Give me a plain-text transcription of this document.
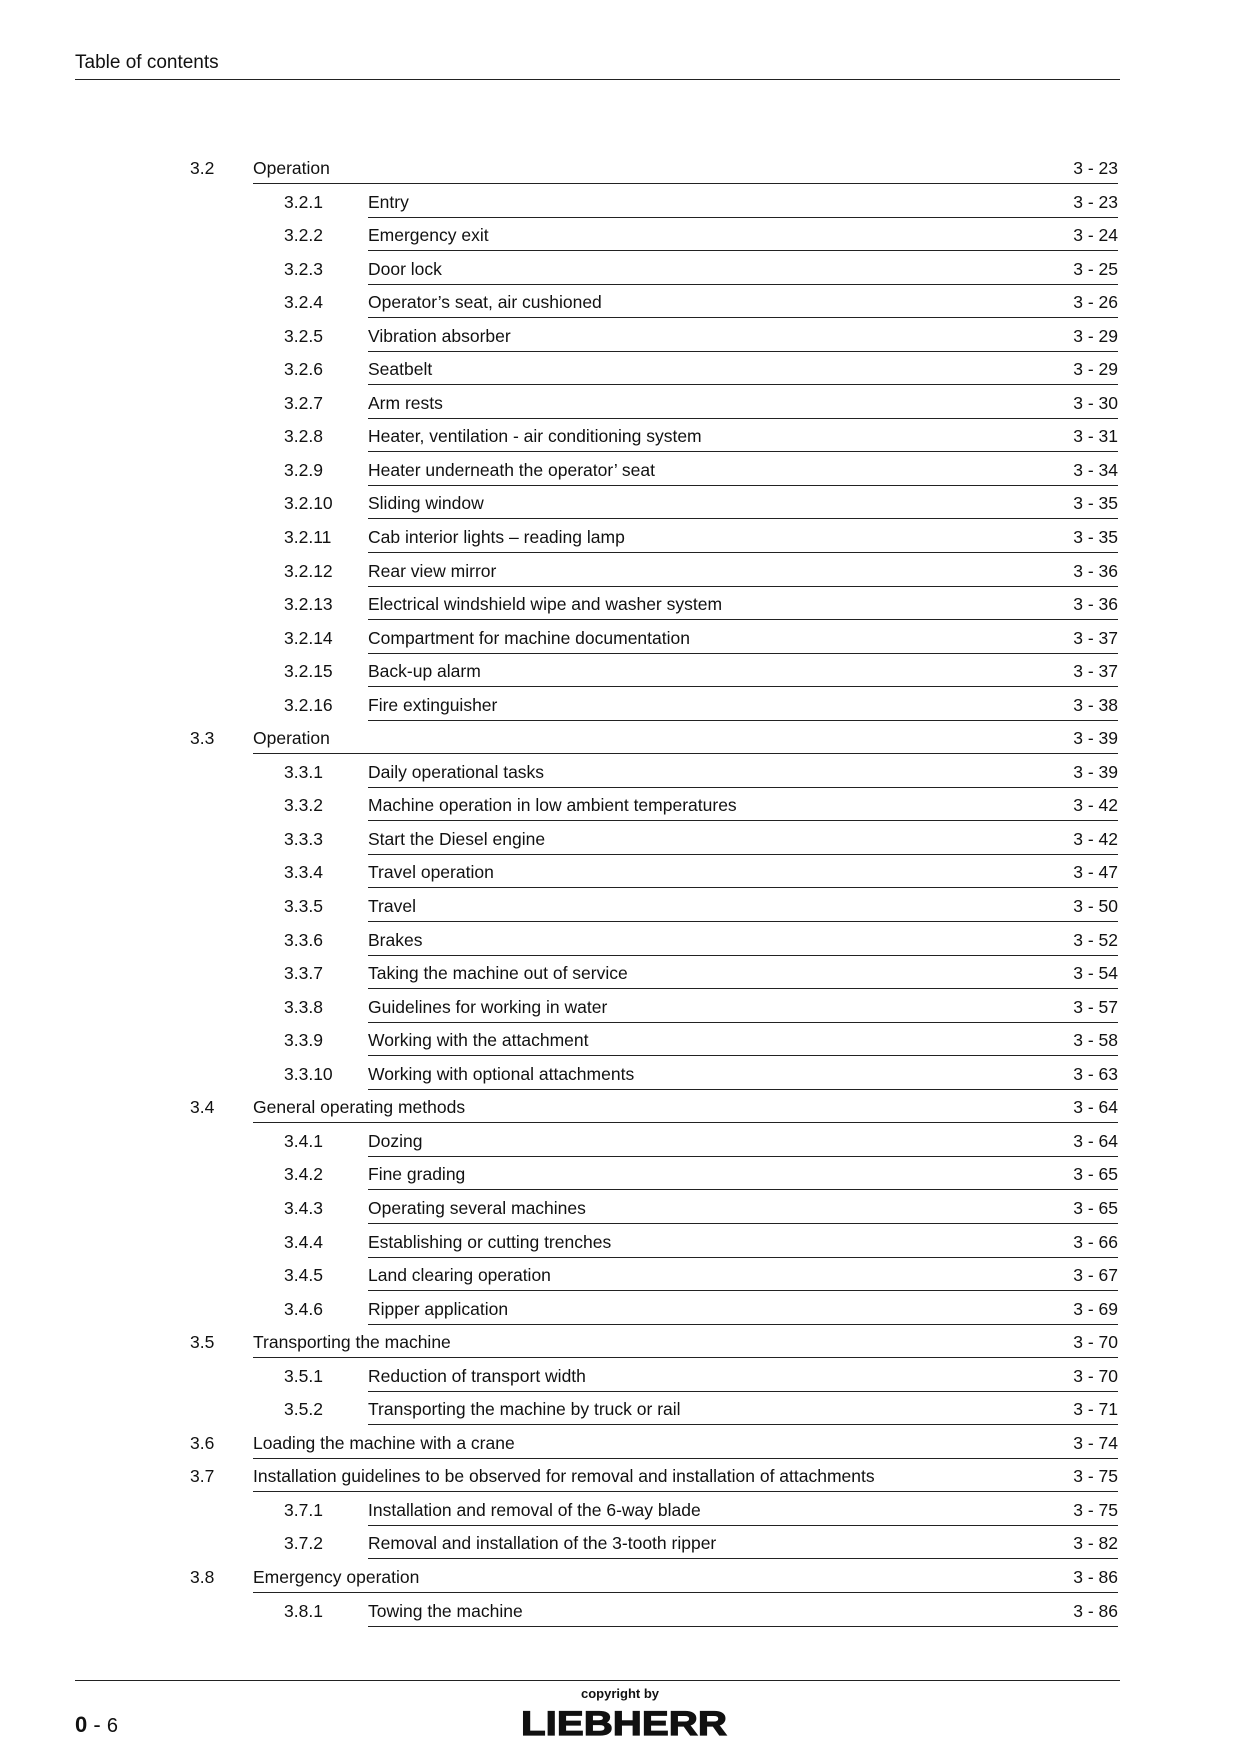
Table of contents
3.2 Operation	3 - 23
3.2.1	Entry	3 - 23
3.2.2	Emergency exit	3 - 24
3.2.3	Door lock	3 - 25
3.2.4	Operator’s seat, air cushioned	3 - 26
3.2.5	Vibration absorber	3 - 29
3.2.6	Seatbelt	3 - 29
3.2.7	Arm rests	3 - 30
3.2.8	Heater, ventilation - air conditioning system	3 - 31
3.2.9	Heater underneath the operator’ seat	3 - 34
3.2.10 Sliding window	3 - 35
3.2.11 Cab interior lights – reading lamp	3 - 35
3.2.12 Rear view mirror	3 - 36
3.2.13 Electrical windshield wipe and washer system	3 - 36
3.2.14 Compartment for machine documentation	3 - 37
3.2.15 Back-up alarm	3 - 37
3.2.16 Fire extinguisher	3 - 38
3.3 Operation	3 - 39
3.3.1	Daily operational tasks	3 - 39
3.3.2	Machine operation in low ambient temperatures	3 - 42
3.3.3	Start the Diesel engine	3 - 42
3.3.4	Travel operation	3 - 47
3.3.5	Travel	3 - 50
3.3.6	Brakes	3 - 52
3.3.7	Taking the machine out of service	3 - 54
3.3.8	Guidelines for working in water	3 - 57
3.3.9	Working with the attachment	3 - 58
3.3.10 Working with optional attachments	3 - 63
3.4 General operating methods	3 - 64
3.4.1	Dozing	3 - 64
3.4.2	Fine grading	3 - 65
3.4.3	Operating several machines	3 - 65
3.4.4	Establishing or cutting trenches	3 - 66
3.4.5	Land clearing operation	3 - 67
3.4.6	Ripper application	3 - 69
3.5 Transporting the machine	3 - 70
3.5.1	Reduction of transport width	3 - 70
3.5.2	Transporting the machine by truck or rail	3 - 71
3.6 Loading the machine with a crane	3 - 74
3.7 Installation guidelines to be observed for removal and installation of attachments	3 - 75
3.7.1	Installation and removal of the 6-way blade	3 - 75
3.7.2	Removal and installation of the 3-tooth ripper	3 - 82
3.8 Emergency operation	3 - 86
3.8.1	Towing the machine	3 - 86
0 - 6
copyright by
LIEBHERR
